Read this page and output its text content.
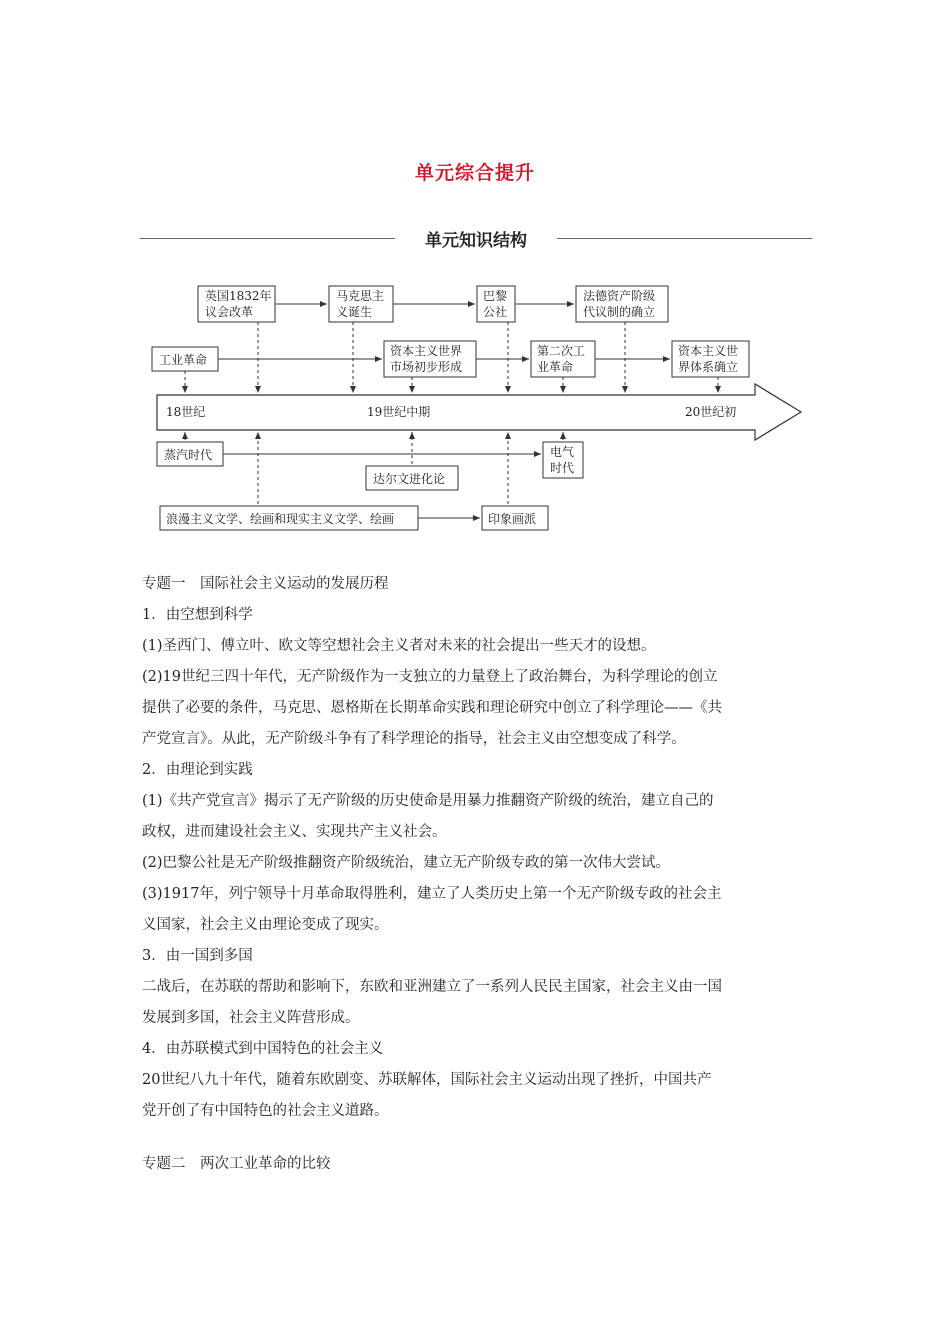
单元综合提升
单元知识结构
18世纪	19世纪中期	20世纪初
英国1832年
议会改革
马克思主
义诞生
巴黎
公社
法德资产阶级
代议制的确立
工业革命
资本主义世界
市场初步形成
第二次工
业革命
资本主义世
界体系确立
蒸汽时代
达尔文进化论
电气
时代
浪漫主义文学、绘画和现实主义文学、绘画	印象画派

专题一　国际社会主义运动的发展历程

1．由空想到科学

(1)圣西门、傅立叶、欧文等空想社会主义者对未来的社会提出一些天才的设想。

(2)19世纪三四十年代，无产阶级作为一支独立的力量登上了政治舞台，为科学理论的创立

提供了必要的条件，马克思、恩格斯在长期革命实践和理论研究中创立了科学理论——《共

产党宣言》。从此，无产阶级斗争有了科学理论的指导，社会主义由空想变成了科学。

2．由理论到实践

(1)《共产党宣言》揭示了无产阶级的历史使命是用暴力推翻资产阶级的统治，建立自己的

政权，进而建设社会主义、实现共产主义社会。

(2)巴黎公社是无产阶级推翻资产阶级统治，建立无产阶级专政的第一次伟大尝试。

(3)1917年，列宁领导十月革命取得胜利，建立了人类历史上第一个无产阶级专政的社会主

义国家，社会主义由理论变成了现实。

3．由一国到多国

二战后，在苏联的帮助和影响下，东欧和亚洲建立了一系列人民民主国家，社会主义由一国

发展到多国，社会主义阵营形成。

4．由苏联模式到中国特色的社会主义

20世纪八九十年代，随着东欧剧变、苏联解体，国际社会主义运动出现了挫折，中国共产

党开创了有中国特色的社会主义道路。

专题二　两次工业革命的比较
